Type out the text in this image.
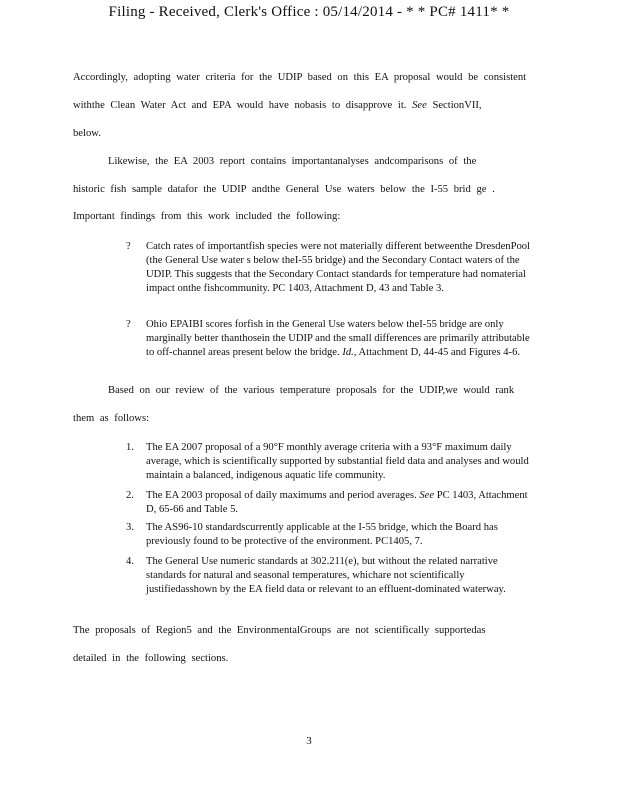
Filing - Received, Clerk's Office : 05/14/2014 - * * PC# 1411* *
Accordingly, adopting water criteria for the UDIP based on this EA proposal would be consistent
withthe Clean Water Act and EPA would have nobasis to disapprove it. See SectionVII,
below.
Likewise, the EA 2003 report contains importantanalyses andcomparisons of the
historic fish sample datafor the UDIP andthe General Use waters below the I-55 brid ge .
Important findings from this work included the following:
?	Catch rates of importantfish species were not materially different betweenthe DresdenPool (the General Use water s below theI-55 bridge) and the Secondary Contact waters of the UDIP. This suggests that the Secondary Contact standards for temperature had nomaterial impact onthe fishcommunity. PC 1403, Attachment D, 43 and Table 3.
?	Ohio EPAIBI scores forfish in the General Use waters below theI-55 bridge are only marginally better thanthosein the UDIP and the small differences are primarily attributable to off-channel areas present below the bridge. Id., Attachment D, 44-45 and Figures 4-6.
Based on our review of the various temperature proposals for the UDIP,we would rank
them as follows:
1.	The EA 2007 proposal of a 90°F monthly average criteria with a 93°F maximum daily average, which is scientifically supported by substantial field data and analyses and would maintain a balanced, indigenous aquatic life community.
2.	The EA 2003 proposal of daily maximums and period averages. See PC 1403, Attachment D, 65-66 and Table 5.
3.	The AS96-10 standardscurrently applicable at the I-55 bridge, which the Board has previously found to be protective of the environment. PC1405, 7.
4.	The General Use numeric standards at 302.211(e), but without the related narrative standards for natural and seasonal temperatures, whichare not scientifically justifiedasshown by the EA field data or relevant to an effluent-dominated waterway.
The proposals of Region5 and the EnvironmentalGroups are not scientifically supportedas
detailed in the following sections.
3
